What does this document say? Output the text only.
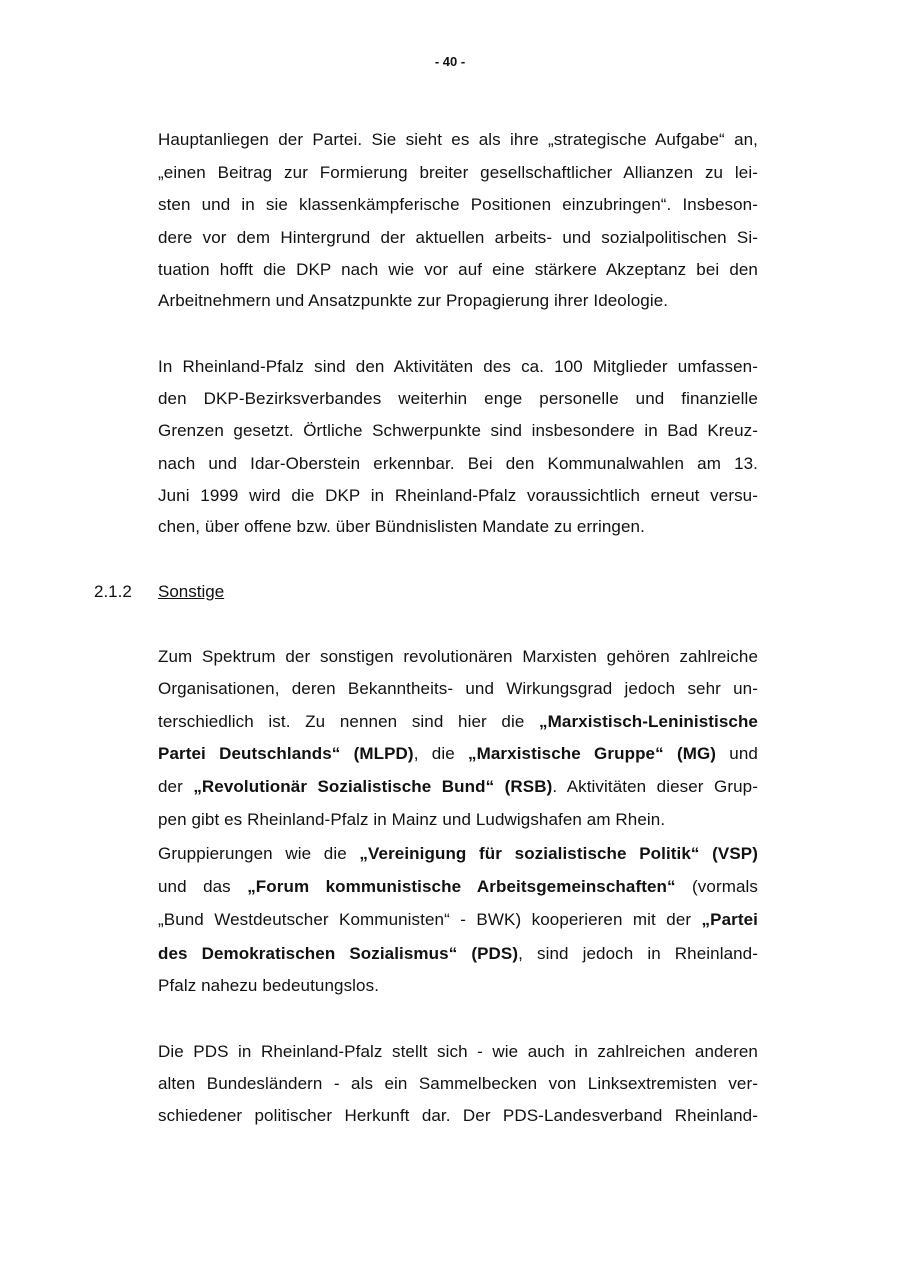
- 40 -
Hauptanliegen der Partei. Sie sieht es als ihre „strategische Aufgabe“ an,
„einen Beitrag zur Formierung breiter gesellschaftlicher Allianzen zu lei-
sten und in sie klassenkämpferische Positionen einzubringen“. Insbeson-
dere vor dem Hintergrund der aktuellen arbeits- und sozialpolitischen Si-
tuation hofft die DKP nach wie vor auf eine stärkere Akzeptanz bei den
Arbeitnehmern und Ansatzpunkte zur Propagierung ihrer Ideologie.
In Rheinland-Pfalz sind den Aktivitäten des ca. 100 Mitglieder umfassen-
den DKP-Bezirksverbandes weiterhin enge personelle und finanzielle
Grenzen gesetzt. Örtliche Schwerpunkte sind insbesondere in Bad Kreuz-
nach und Idar-Oberstein erkennbar. Bei den Kommunalwahlen am 13.
Juni 1999 wird die DKP in Rheinland-Pfalz voraussichtlich erneut versu-
chen, über offene bzw. über Bündnislisten Mandate zu erringen.
2.1.2 Sonstige
Zum Spektrum der sonstigen revolutionären Marxisten gehören zahlreiche
Organisationen, deren Bekanntheits- und Wirkungsgrad jedoch sehr un-
terschiedlich ist. Zu nennen sind hier die „Marxistisch-Leninistische
Partei Deutschlands“ (MLPD), die „Marxistische Gruppe“ (MG) und
der „Revolutionär Sozialistische Bund“ (RSB). Aktivitäten dieser Grup-
pen gibt es Rheinland-Pfalz in Mainz und Ludwigshafen am Rhein.
Gruppierungen wie die „Vereinigung für sozialistische Politik“ (VSP)
und das „Forum kommunistische Arbeitsgemeinschaften“ (vormals
„Bund Westdeutscher Kommunisten“ - BWK) kooperieren mit der „Partei
des Demokratischen Sozialismus“ (PDS), sind jedoch in Rheinland-
Pfalz nahezu bedeutungslos.
Die PDS in Rheinland-Pfalz stellt sich - wie auch in zahlreichen anderen
alten Bundesländern - als ein Sammelbecken von Linksextremisten ver-
schiedener politischer Herkunft dar. Der PDS-Landesverband Rheinland-
